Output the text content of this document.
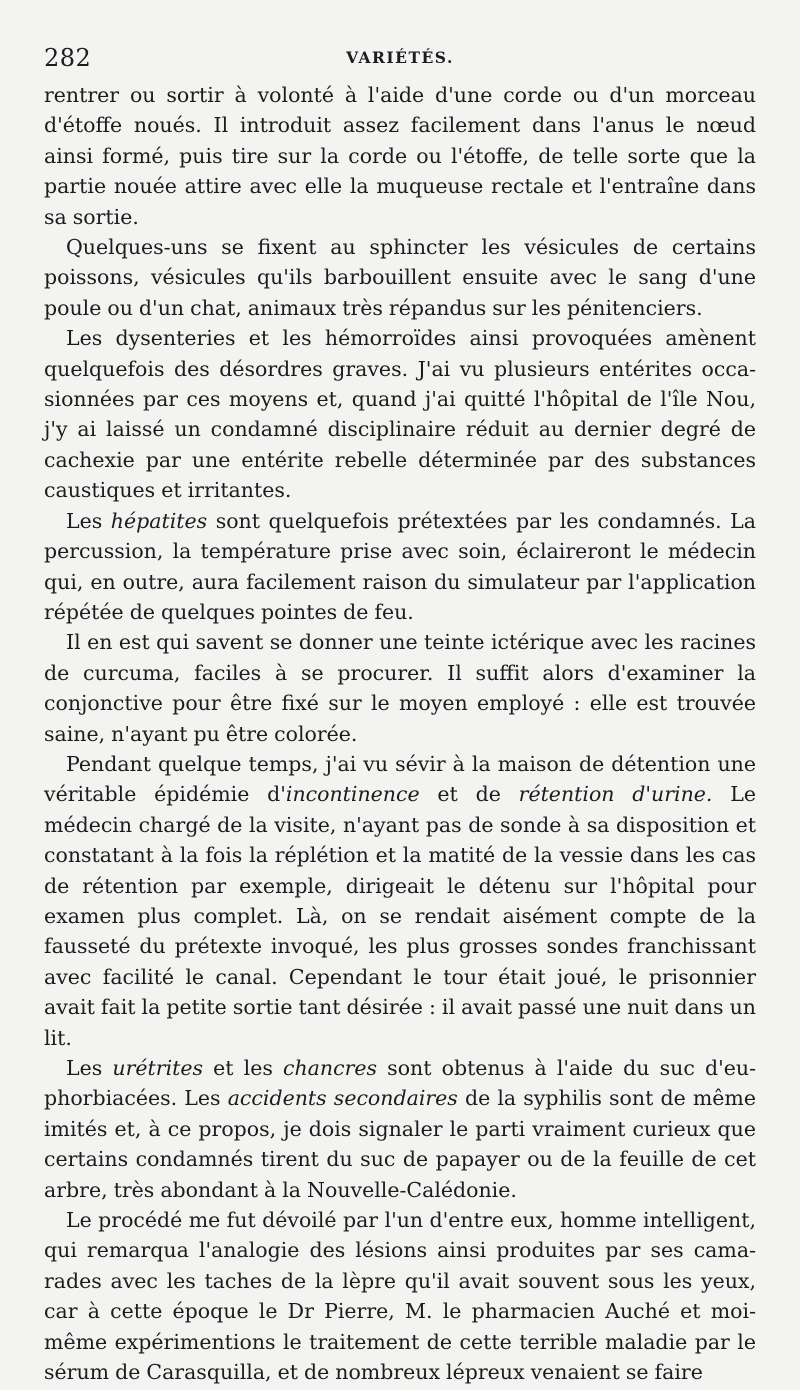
282	VARIÉTÉS.

rentrer ou sortir à volonté à l'aide d'une corde ou d'un morceau d'étoffe noués. Il introduit assez facilement dans l'anus le nœud ainsi formé, puis tire sur la corde ou l'étoffe, de telle sorte que la partie nouée attire avec elle la muqueuse rectale et l'entraîne dans sa sortie.

Quelques-uns se fixent au sphincter les vésicules de certains poissons, vésicules qu'ils barbouillent ensuite avec le sang d'une poule ou d'un chat, animaux très répandus sur les pénitenciers.

Les dysenteries et les hémorroïdes ainsi provoquées amènent quelquefois des désordres graves. J'ai vu plusieurs entérites occasionnées par ces moyens et, quand j'ai quitté l'hôpital de l'île Nou, j'y ai laissé un condamné disciplinaire réduit au dernier degré de cachexie par une entérite rebelle déterminée par des substances caustiques et irritantes.

Les hépatites sont quelquefois prétextées par les condamnés. La percussion, la température prise avec soin, éclaireront le médecin qui, en outre, aura facilement raison du simulateur par l'application répétée de quelques pointes de feu.

Il en est qui savent se donner une teinte ictérique avec les racines de curcuma, faciles à se procurer. Il suffit alors d'examiner la conjonctive pour être fixé sur le moyen employé : elle est trouvée saine, n'ayant pu être colorée.

Pendant quelque temps, j'ai vu sévir à la maison de détention une véritable épidémie d'incontinence et de rétention d'urine. Le médecin chargé de la visite, n'ayant pas de sonde à sa disposition et constatant à la fois la réplétion et la matité de la vessie dans les cas de rétention par exemple, dirigeait le détenu sur l'hôpital pour examen plus complet. Là, on se rendait aisément compte de la fausseté du prétexte invoqué, les plus grosses sondes franchissant avec facilité le canal. Cependant le tour était joué, le prisonnier avait fait la petite sortie tant désirée : il avait passé une nuit dans un lit.

Les urétrites et les chancres sont obtenus à l'aide du suc d'euphorbiacées. Les accidents secondaires de la syphilis sont de même imités et, à ce propos, je dois signaler le parti vraiment curieux que certains condamnés tirent du suc de papayer ou de la feuille de cet arbre, très abondant à la Nouvelle-Calédonie.

Le procédé me fut dévoilé par l'un d'entre eux, homme intelligent, qui remarqua l'analogie des lésions ainsi produites par ses camarades avec les taches de la lèpre qu'il avait souvent sous les yeux, car à cette époque le Dr Pierre, M. le pharmacien Auché et moi-même expérimentions le traitement de cette terrible maladie par le sérum de Carasquilla, et de nombreux lépreux venaient se faire
